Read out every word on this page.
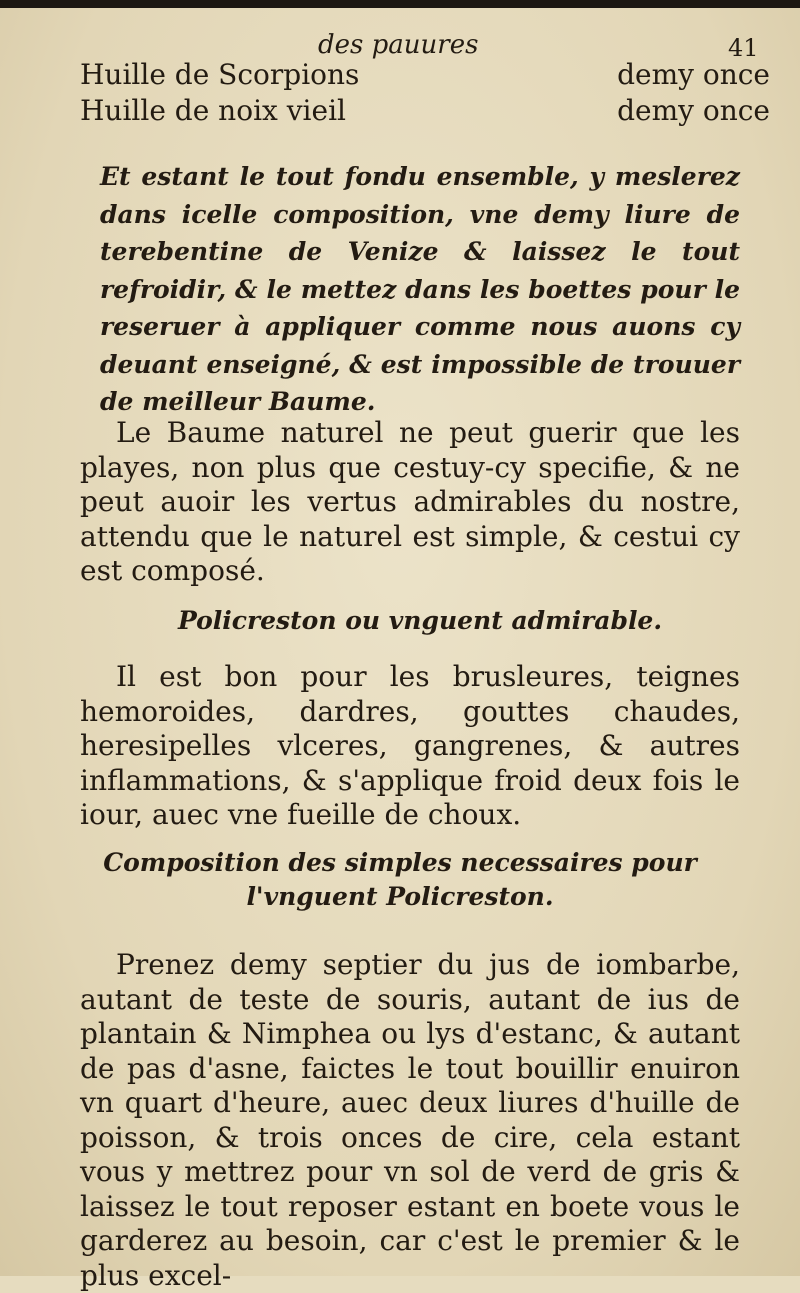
des pauures	41
Huille de Scorpions	demy once
Huille de noix vieil	demy once

Et estant le tout fondu ensemble, y meslerez dans icelle composition, vne demy liure de terebentine de Venize & laissez le tout refroidir, & le mettez dans les boettes pour le reseruer à appliquer comme nous auons cy deuant enseigné, & est impossible de trouuer de meilleur Baume.

Le Baume naturel ne peut guerir que les playes, non plus que cestuy-cy specifie, & ne peut auoir les vertus admirables du nostre, attendu que le naturel est simple, & cestui cy est composé.

Policreston ou vnguent admirable.

Il est bon pour les brusleures, teignes hemoroides, dardres, gouttes chaudes, heresipelles vlceres, gangrenes, & autres inflammations, & s'applique froid deux fois le iour, auec vne fueille de choux.

Composition des simples necessaires pour l'vnguent Policreston.

Prenez demy septier du jus de iombarbe, autant de teste de souris, autant de ius de plantain & Nimphea ou lys d'estanc, & autant de pas d'asne, faictes le tout bouillir enuiron vn quart d'heure, auec deux liures d'huille de poisson, & trois onces de cire, cela estant vous y mettrez pour vn sol de verd de gris & laissez le tout reposer estant en boete vous le garderez au besoin, car c'est le premier & le plus excel-
